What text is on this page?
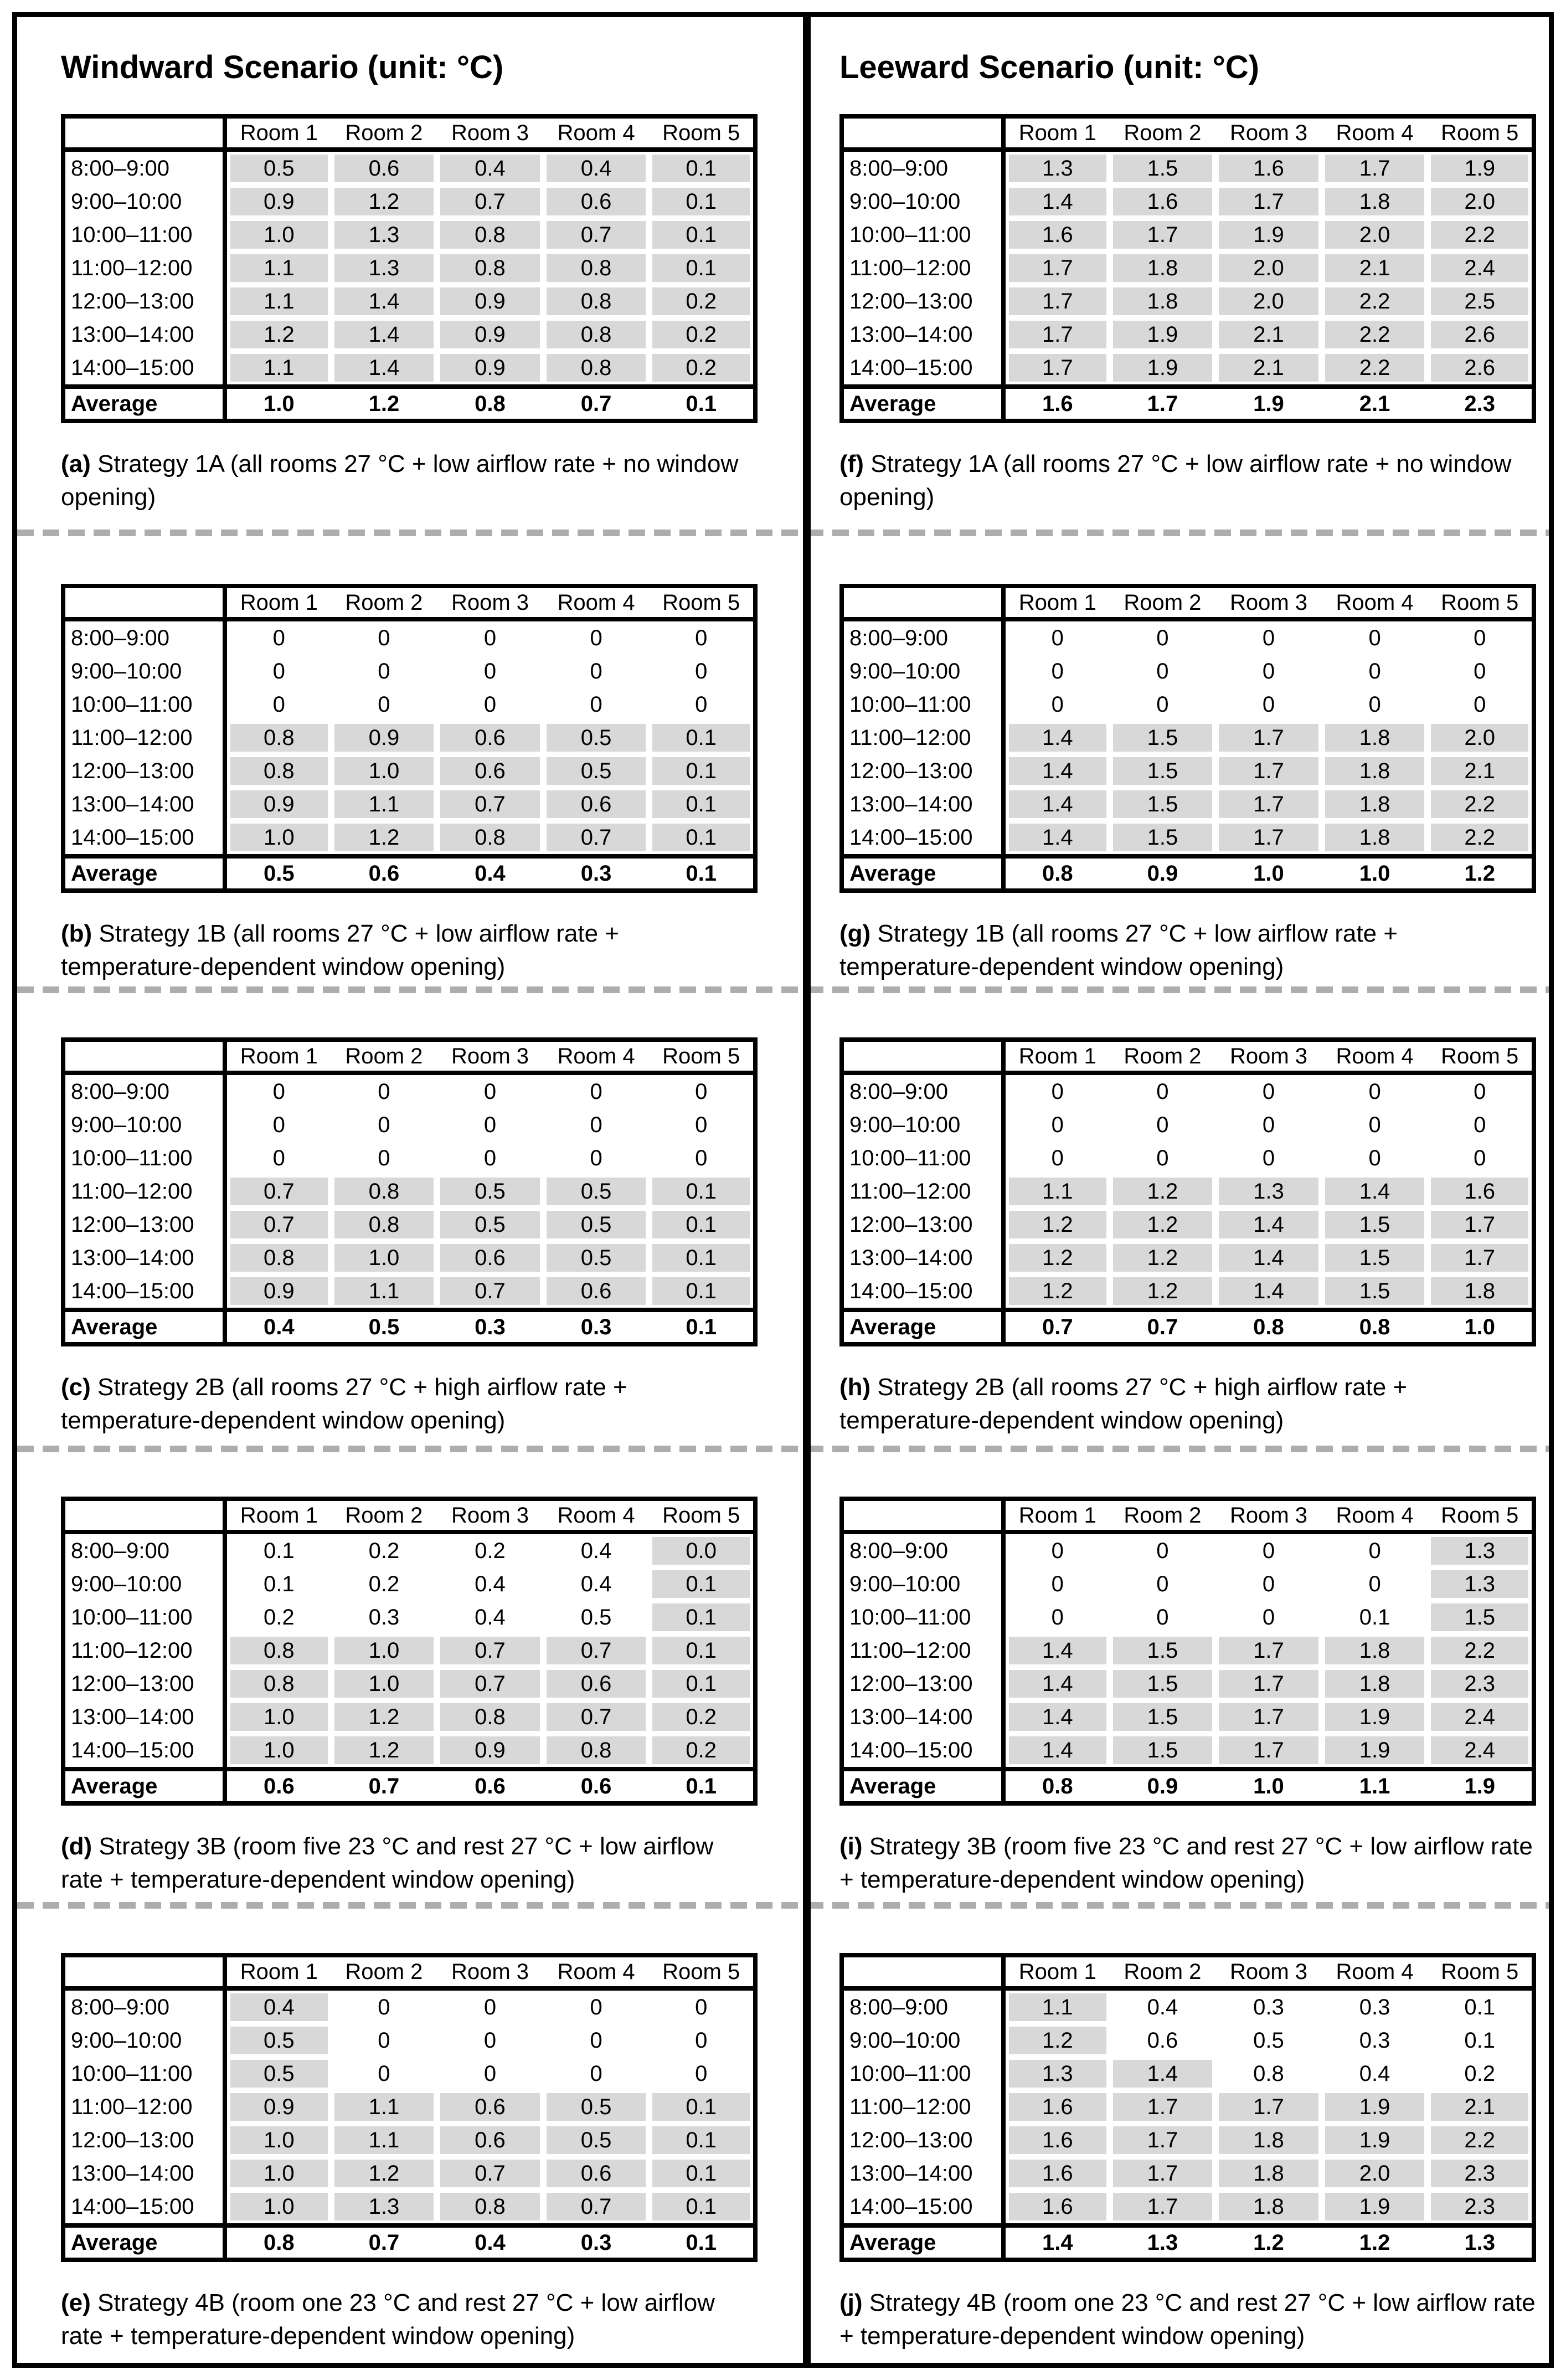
Windward Scenario (unit: °C)
	Room 1	Room 2	Room 3	Room 4	Room 5
8:00–9:00	0.5	0.6	0.4	0.4	0.1

9:00–10:00	0.9	1.2	0.7	0.6	0.1

10:00–11:00	1.0	1.3	0.8	0.7	0.1

11:00–12:00	1.1	1.3	0.8	0.8	0.1

12:00–13:00	1.1	1.4	0.9	0.8	0.2

13:00–14:00	1.2	1.4	0.9	0.8	0.2

14:00–15:00	1.1	1.4	0.9	0.8	0.2

Average	1.0	1.2	0.8	0.7	0.1
(a) Strategy 1A (all rooms 27 °C + low airflow rate + no window opening)
	Room 1	Room 2	Room 3	Room 4	Room 5
8:00–9:00	0	0	0	0	0

9:00–10:00	0	0	0	0	0

10:00–11:00	0	0	0	0	0

11:00–12:00	0.8	0.9	0.6	0.5	0.1

12:00–13:00	0.8	1.0	0.6	0.5	0.1

13:00–14:00	0.9	1.1	0.7	0.6	0.1

14:00–15:00	1.0	1.2	0.8	0.7	0.1

Average	0.5	0.6	0.4	0.3	0.1
(b) Strategy 1B (all rooms 27 °C + low airflow rate + temperature-dependent window opening)
	Room 1	Room 2	Room 3	Room 4	Room 5
8:00–9:00	0	0	0	0	0

9:00–10:00	0	0	0	0	0

10:00–11:00	0	0	0	0	0

11:00–12:00	0.7	0.8	0.5	0.5	0.1

12:00–13:00	0.7	0.8	0.5	0.5	0.1

13:00–14:00	0.8	1.0	0.6	0.5	0.1

14:00–15:00	0.9	1.1	0.7	0.6	0.1

Average	0.4	0.5	0.3	0.3	0.1
(c) Strategy 2B (all rooms 27 °C + high airflow rate + temperature-dependent window opening)
	Room 1	Room 2	Room 3	Room 4	Room 5
8:00–9:00	0.1	0.2	0.2	0.4	0.0

9:00–10:00	0.1	0.2	0.4	0.4	0.1

10:00–11:00	0.2	0.3	0.4	0.5	0.1

11:00–12:00	0.8	1.0	0.7	0.7	0.1

12:00–13:00	0.8	1.0	0.7	0.6	0.1

13:00–14:00	1.0	1.2	0.8	0.7	0.2

14:00–15:00	1.0	1.2	0.9	0.8	0.2

Average	0.6	0.7	0.6	0.6	0.1
(d) Strategy 3B (room five 23 °C and rest 27 °C + low airflow rate + temperature-dependent window opening)
	Room 1	Room 2	Room 3	Room 4	Room 5
8:00–9:00	0.4	0	0	0	0

9:00–10:00	0.5	0	0	0	0

10:00–11:00	0.5	0	0	0	0

11:00–12:00	0.9	1.1	0.6	0.5	0.1

12:00–13:00	1.0	1.1	0.6	0.5	0.1

13:00–14:00	1.0	1.2	0.7	0.6	0.1

14:00–15:00	1.0	1.3	0.8	0.7	0.1

Average	0.8	0.7	0.4	0.3	0.1
(e) Strategy 4B (room one 23 °C and rest 27 °C + low airflow rate + temperature-dependent window opening)
Leeward Scenario (unit: °C)
	Room 1	Room 2	Room 3	Room 4	Room 5
8:00–9:00	1.3	1.5	1.6	1.7	1.9

9:00–10:00	1.4	1.6	1.7	1.8	2.0

10:00–11:00	1.6	1.7	1.9	2.0	2.2

11:00–12:00	1.7	1.8	2.0	2.1	2.4

12:00–13:00	1.7	1.8	2.0	2.2	2.5

13:00–14:00	1.7	1.9	2.1	2.2	2.6

14:00–15:00	1.7	1.9	2.1	2.2	2.6

Average	1.6	1.7	1.9	2.1	2.3
(f) Strategy 1A (all rooms 27 °C + low airflow rate + no window opening)
	Room 1	Room 2	Room 3	Room 4	Room 5
8:00–9:00	0	0	0	0	0

9:00–10:00	0	0	0	0	0

10:00–11:00	0	0	0	0	0

11:00–12:00	1.4	1.5	1.7	1.8	2.0

12:00–13:00	1.4	1.5	1.7	1.8	2.1

13:00–14:00	1.4	1.5	1.7	1.8	2.2

14:00–15:00	1.4	1.5	1.7	1.8	2.2

Average	0.8	0.9	1.0	1.0	1.2
(g) Strategy 1B (all rooms 27 °C + low airflow rate + temperature-dependent window opening)
	Room 1	Room 2	Room 3	Room 4	Room 5
8:00–9:00	0	0	0	0	0

9:00–10:00	0	0	0	0	0

10:00–11:00	0	0	0	0	0

11:00–12:00	1.1	1.2	1.3	1.4	1.6

12:00–13:00	1.2	1.2	1.4	1.5	1.7

13:00–14:00	1.2	1.2	1.4	1.5	1.7

14:00–15:00	1.2	1.2	1.4	1.5	1.8

Average	0.7	0.7	0.8	0.8	1.0
(h) Strategy 2B (all rooms 27 °C + high airflow rate + temperature-dependent window opening)
	Room 1	Room 2	Room 3	Room 4	Room 5
8:00–9:00	0	0	0	0	1.3

9:00–10:00	0	0	0	0	1.3

10:00–11:00	0	0	0	0.1	1.5

11:00–12:00	1.4	1.5	1.7	1.8	2.2

12:00–13:00	1.4	1.5	1.7	1.8	2.3

13:00–14:00	1.4	1.5	1.7	1.9	2.4

14:00–15:00	1.4	1.5	1.7	1.9	2.4

Average	0.8	0.9	1.0	1.1	1.9
(i) Strategy 3B (room five 23 °C and rest 27 °C + low airflow rate + temperature-dependent window opening)
	Room 1	Room 2	Room 3	Room 4	Room 5
8:00–9:00	1.1	0.4	0.3	0.3	0.1

9:00–10:00	1.2	0.6	0.5	0.3	0.1

10:00–11:00	1.3	1.4	0.8	0.4	0.2

11:00–12:00	1.6	1.7	1.7	1.9	2.1

12:00–13:00	1.6	1.7	1.8	1.9	2.2

13:00–14:00	1.6	1.7	1.8	2.0	2.3

14:00–15:00	1.6	1.7	1.8	1.9	2.3

Average	1.4	1.3	1.2	1.2	1.3
(j) Strategy 4B (room one 23 °C and rest 27 °C + low airflow rate + temperature-dependent window opening)
